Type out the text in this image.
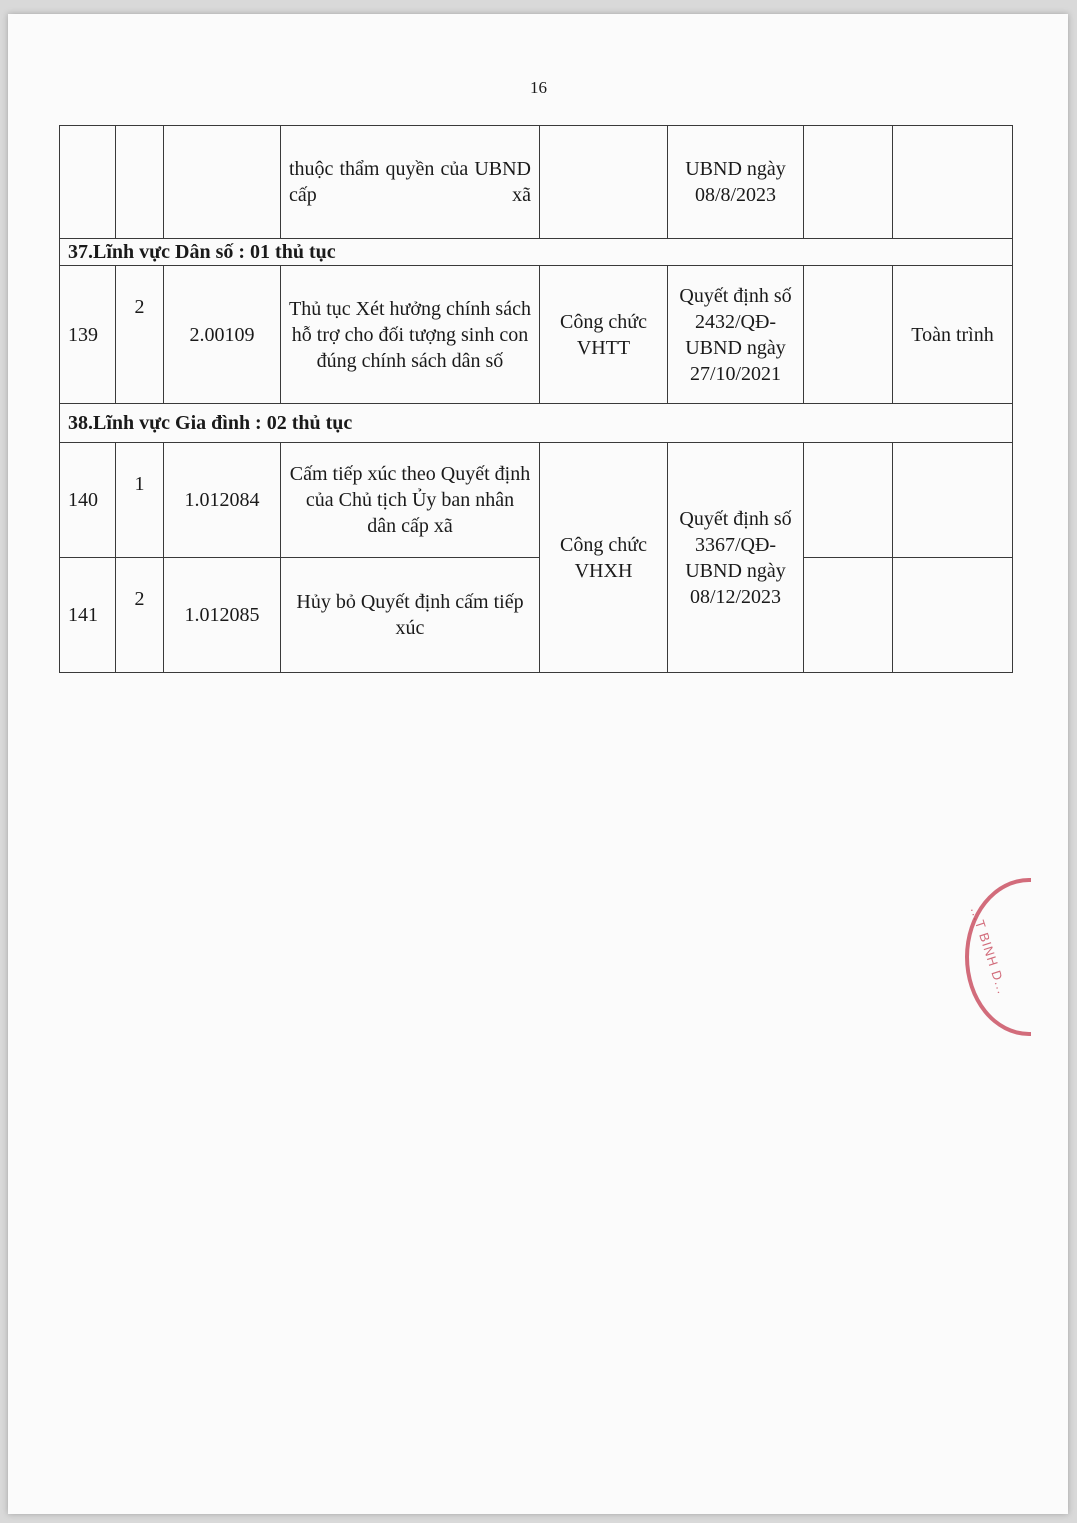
16
			thuộc thẩm quyền của UBND cấp xã		UBND ngày 08/8/2023		
37.Lĩnh vực Dân số : 01 thủ tục							
139	2	2.00109	Thủ tục Xét hưởng chính sách hỗ trợ cho đối tượng sinh con đúng chính sách dân số	Công chức VHTT	Quyết định số 2432/QĐ-UBND ngày 27/10/2021		Toàn trình
38.Lĩnh vực Gia đình : 02 thủ tục							
140	1	1.012084	Cấm tiếp xúc theo Quyết định của Chủ tịch Ủy ban nhân dân cấp xã	Công chức VHXH	Quyết định số 3367/QĐ-UBND ngày 08/12/2023		
141	2	1.012085	Hủy bỏ Quyết định cấm tiếp xúc				
...T BINH D...
